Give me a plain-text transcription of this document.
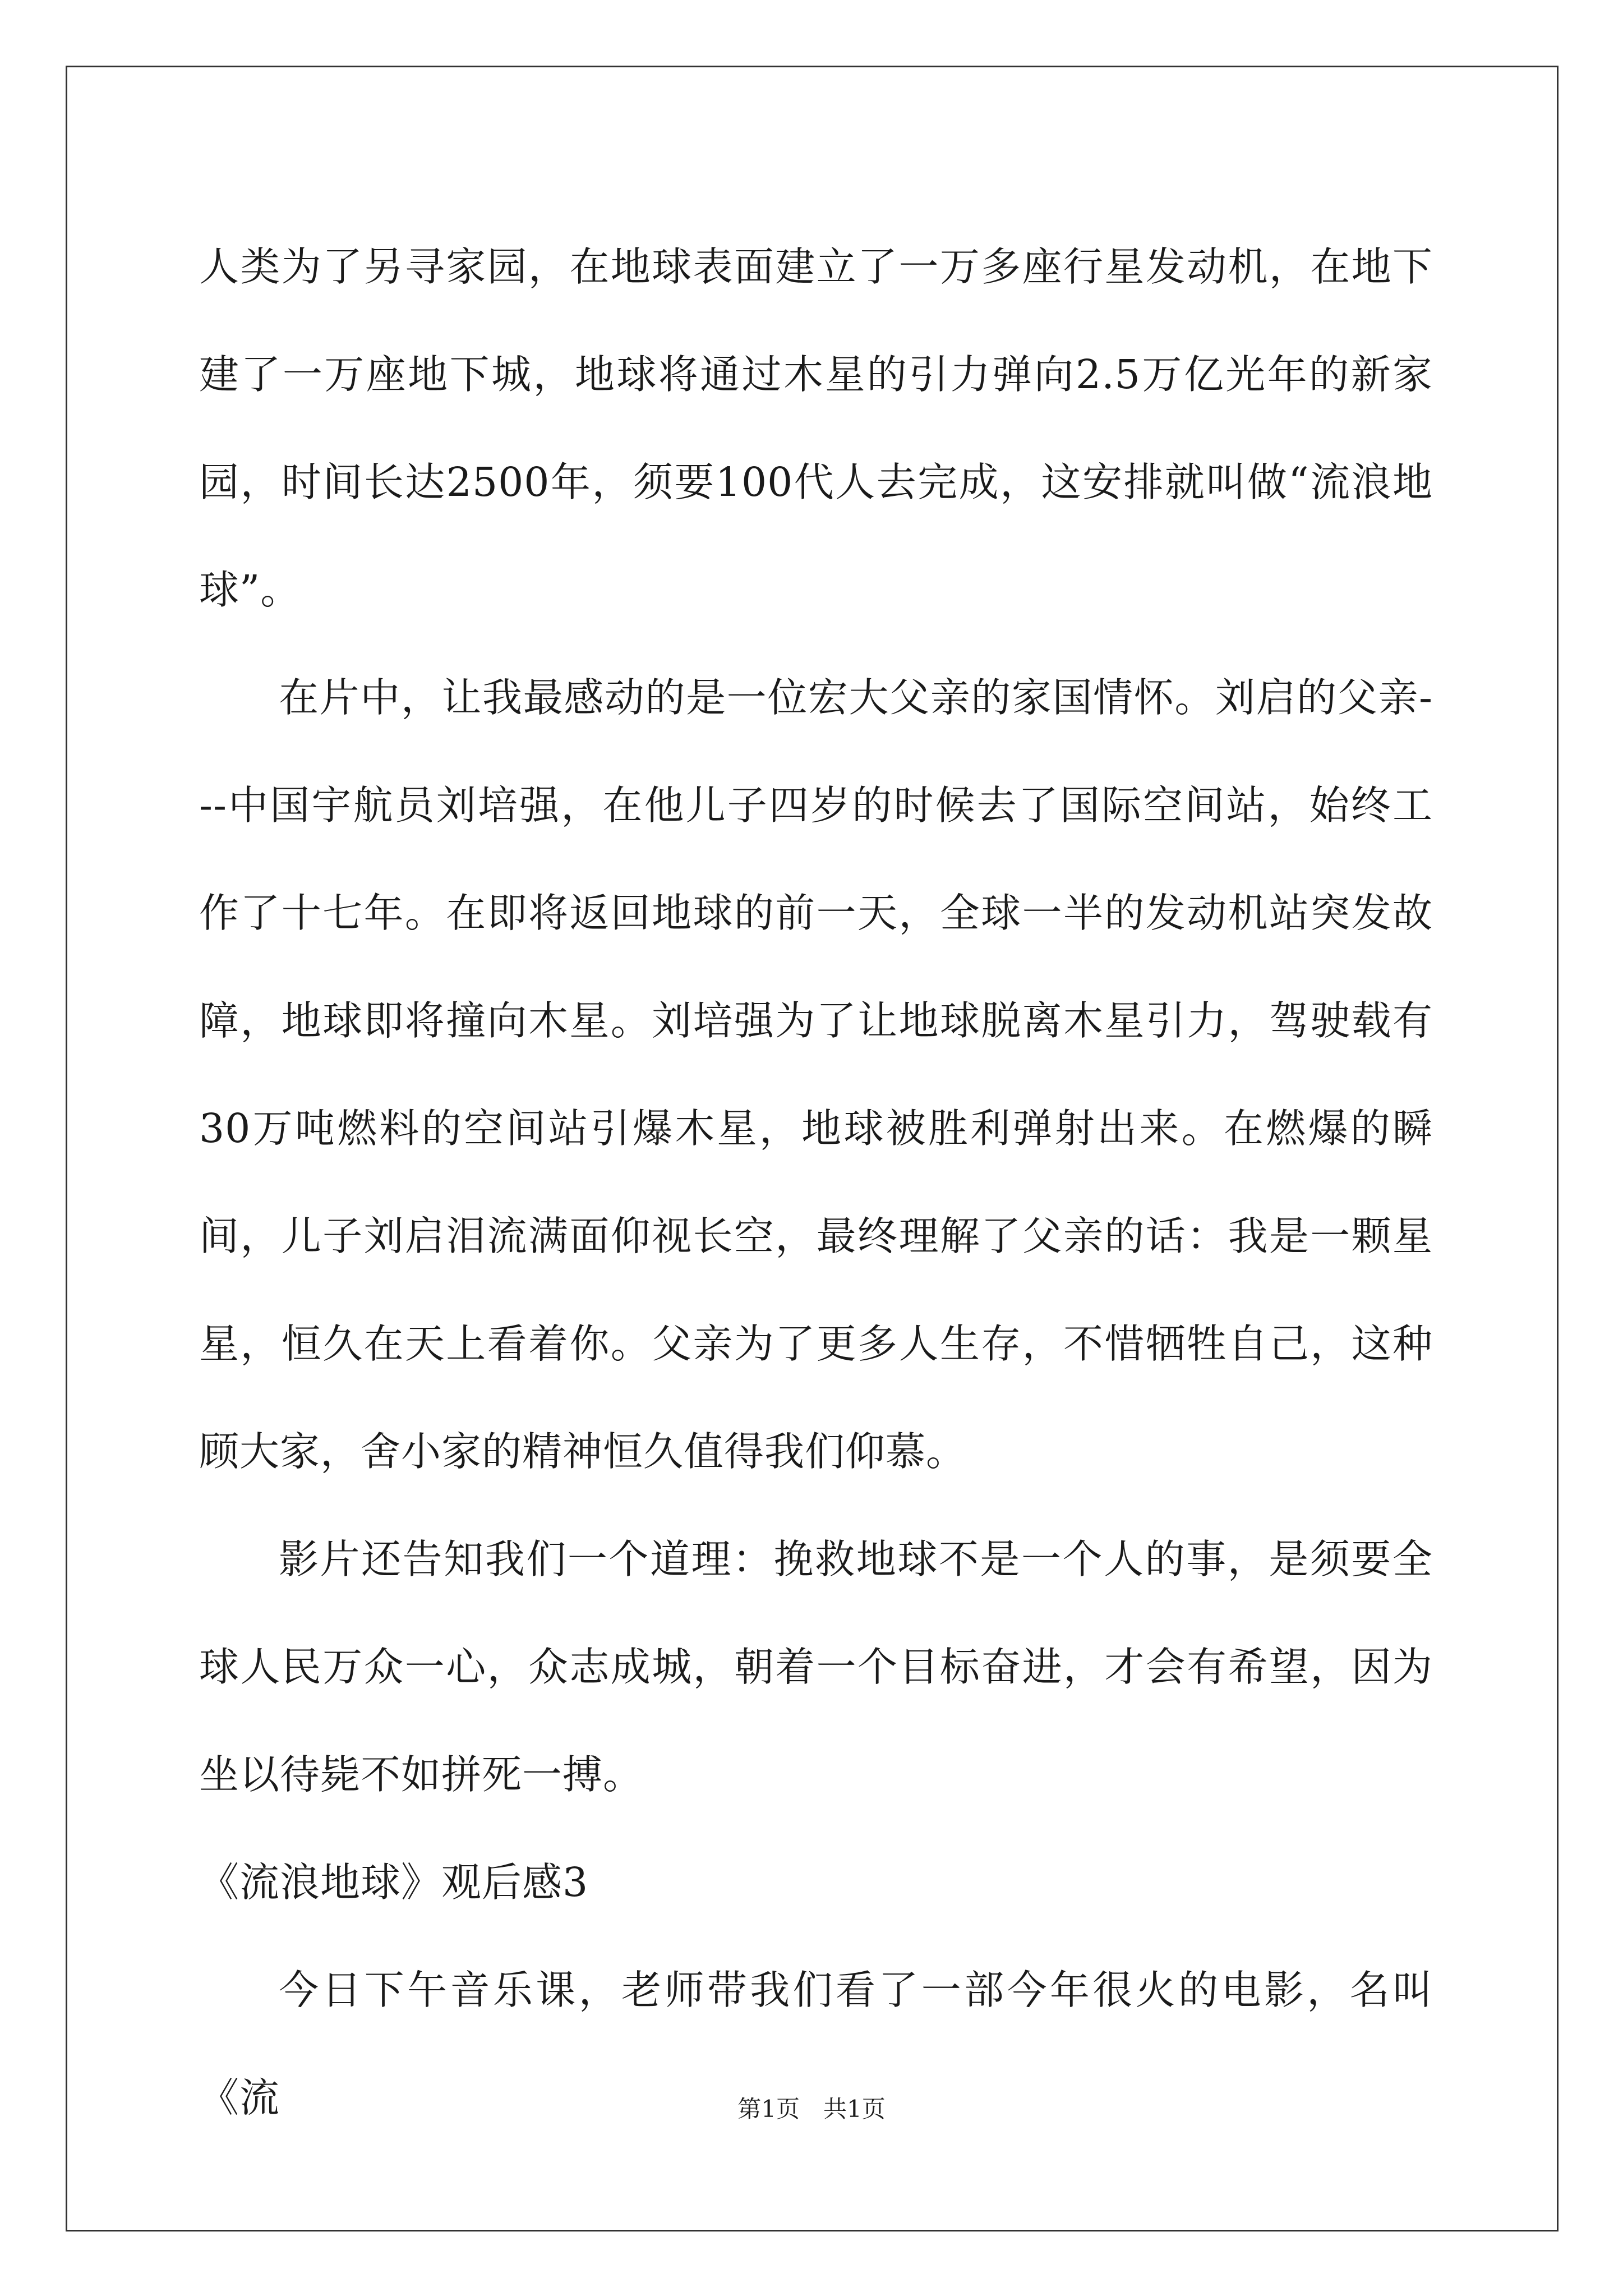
人类为了另寻家园，在地球表面建立了一万多座行星发动机，在地下建了一万座地下城，地球将通过木星的引力弹向2.5万亿光年的新家园，时间长达2500年，须要100代人去完成，这安排就叫做“流浪地球”。

在片中，让我最感动的是一位宏大父亲的家国情怀。刘启的父亲---中国宇航员刘培强，在他儿子四岁的时候去了国际空间站，始终工作了十七年。在即将返回地球的前一天，全球一半的发动机站突发故障，地球即将撞向木星。刘培强为了让地球脱离木星引力，驾驶载有30万吨燃料的空间站引爆木星，地球被胜利弹射出来。在燃爆的瞬间，儿子刘启泪流满面仰视长空，最终理解了父亲的话：我是一颗星星，恒久在天上看着你。父亲为了更多人生存，不惜牺牲自己，这种顾大家，舍小家的精神恒久值得我们仰慕。

影片还告知我们一个道理：挽救地球不是一个人的事，是须要全球人民万众一心，众志成城，朝着一个目标奋进，才会有希望，因为坐以待毙不如拼死一搏。

《流浪地球》观后感3

今日下午音乐课，老师带我们看了一部今年很火的电影，名叫《流	第1页　共1页
